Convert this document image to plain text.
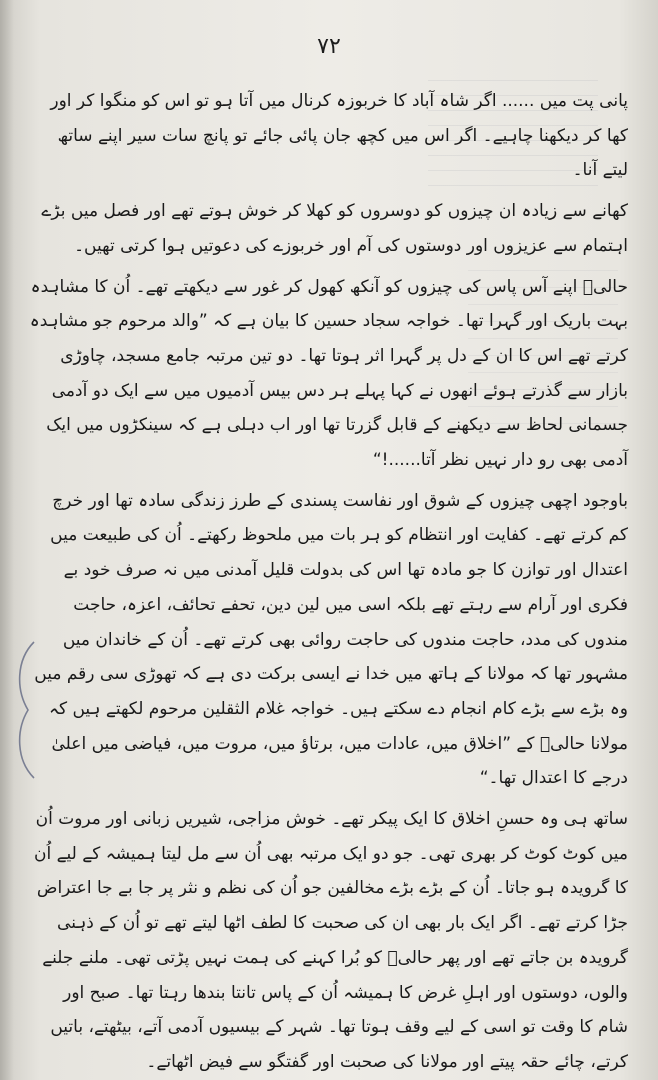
۷۲

پانی پت میں ...... اگر شاہ آباد کا خربوزہ کرنال میں آتا ہو تو اس کو منگوا کر اور کھا کر دیکھنا چاہیے۔ اگر اس میں کچھ جان پائی جائے تو پانچ سات سیر اپنے ساتھ لیتے آنا۔

کھانے سے زیادہ ان چیزوں کو دوسروں کو کھلا کر خوش ہوتے تھے اور فصل میں بڑے اہتمام سے عزیزوں اور دوستوں کی آم اور خربوزے کی دعوتیں ہوا کرتی تھیں۔

حالیؔ اپنے آس پاس کی چیزوں کو آنکھ کھول کر غور سے دیکھتے تھے۔ اُن کا مشاہدہ بہت باریک اور گہرا تھا۔ خواجہ سجاد حسین کا بیان ہے کہ ”والد مرحوم جو مشاہدہ کرتے تھے اس کا ان کے دل پر گہرا اثر ہوتا تھا۔ دو تین مرتبہ جامع مسجد، چاوڑی بازار سے گذرتے ہوئے انھوں نے کہا پہلے ہر دس بیس آدمیوں میں سے ایک دو آدمی جسمانی لحاظ سے دیکھنے کے قابل گزرتا تھا اور اب دہلی ہے کہ سینکڑوں میں ایک آدمی بھی رو دار نہیں نظر آتا......!“

باوجود اچھی چیزوں کے شوق اور نفاست پسندی کے طرز زندگی سادہ تھا اور خرچ کم کرتے تھے۔ کفایت اور انتظام کو ہر بات میں ملحوظ رکھتے۔ اُن کی طبیعت میں اعتدال اور توازن کا جو مادہ تھا اس کی بدولت قلیل آمدنی میں نہ صرف خود بے فکری اور آرام سے رہتے تھے بلکہ اسی میں لین دین، تحفے تحائف، اعزہ، حاجت مندوں کی مدد، حاجت مندوں کی حاجت روائی بھی کرتے تھے۔ اُن کے خاندان میں مشہور تھا کہ مولانا کے ہاتھ میں خدا نے ایسی برکت دی ہے کہ تھوڑی سی رقم میں وہ بڑے سے بڑے کام انجام دے سکتے ہیں۔ خواجہ غلام الثقلین مرحوم لکھتے ہیں کہ مولانا حالیؔ کے ”اخلاق میں، عادات میں، برتاؤ میں، مروت میں، فیاضی میں اعلیٰ درجے کا اعتدال تھا۔“

ساتھ ہی وہ حسنِ اخلاق کا ایک پیکر تھے۔ خوش مزاجی، شیریں زبانی اور مروت اُن میں کوٹ کوٹ کر بھری تھی۔ جو دو ایک مرتبہ بھی اُن سے مل لیتا ہمیشہ کے لیے اُن کا گرویدہ ہو جاتا۔ اُن کے بڑے بڑے مخالفین جو اُن کی نظم و نثر پر جا بے جا اعتراض جڑا کرتے تھے۔ اگر ایک بار بھی ان کی صحبت کا لطف اٹھا لیتے تھے تو اُن کے ذہنی گرویدہ بن جاتے تھے اور پھر حالیؔ کو بُرا کہنے کی ہمت نہیں پڑتی تھی۔ ملنے جلنے والوں، دوستوں اور اہلِ غرض کا ہمیشہ اُن کے پاس تانتا بندھا رہتا تھا۔ صبح اور شام کا وقت تو اسی کے لیے وقف ہوتا تھا۔ شہر کے بیسیوں آدمی آتے، بیٹھتے، باتیں کرتے، چائے حقہ پیتے اور مولانا کی صحبت اور گفتگو سے فیض اٹھاتے۔
